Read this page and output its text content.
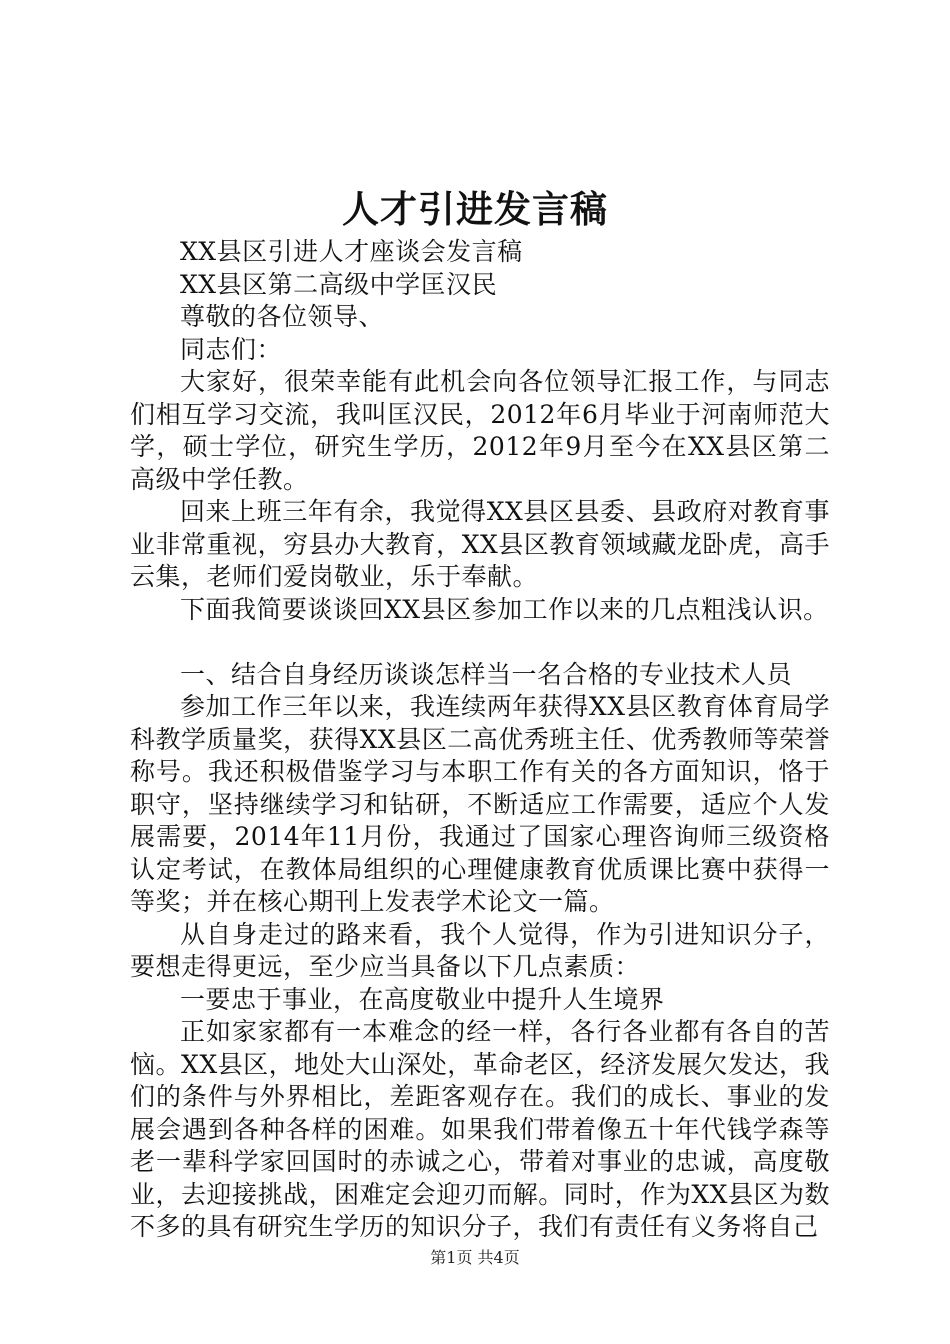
人才引进发言稿

XX县区引进人才座谈会发言稿

XX县区第二高级中学匡汉民

尊敬的各位领导、

同志们：

大家好，很荣幸能有此机会向各位领导汇报工作，与同志们相互学习交流，我叫匡汉民，2012年6月毕业于河南师范大学，硕士学位，研究生学历，2012年9月至今在XX县区第二高级中学任教。

回来上班三年有余，我觉得XX县区县委、县政府对教育事业非常重视，穷县办大教育，XX县区教育领域藏龙卧虎，高手云集，老师们爱岗敬业，乐于奉献。

下面我简要谈谈回XX县区参加工作以来的几点粗浅认识。

一、结合自身经历谈谈怎样当一名合格的专业技术人员

参加工作三年以来，我连续两年获得XX县区教育体育局学科教学质量奖，获得XX县区二高优秀班主任、优秀教师等荣誉称号。我还积极借鉴学习与本职工作有关的各方面知识，恪于职守，坚持继续学习和钻研，不断适应工作需要，适应个人发展需要，2014年11月份，我通过了国家心理咨询师三级资格认定考试，在教体局组织的心理健康教育优质课比赛中获得一等奖；并在核心期刊上发表学术论文一篇。

从自身走过的路来看，我个人觉得，作为引进知识分子，要想走得更远，至少应当具备以下几点素质：

一要忠于事业，在高度敬业中提升人生境界

正如家家都有一本难念的经一样，各行各业都有各自的苦恼。XX县区，地处大山深处，革命老区，经济发展欠发达，我们的条件与外界相比，差距客观存在。我们的成长、事业的发展会遇到各种各样的困难。如果我们带着像五十年代钱学森等老一辈科学家回国时的赤诚之心，带着对事业的忠诚，高度敬业，去迎接挑战，困难定会迎刃而解。同时，作为XX县区为数不多的具有研究生学历的知识分子，我们有责任有义务将自己

第1页 共4页
